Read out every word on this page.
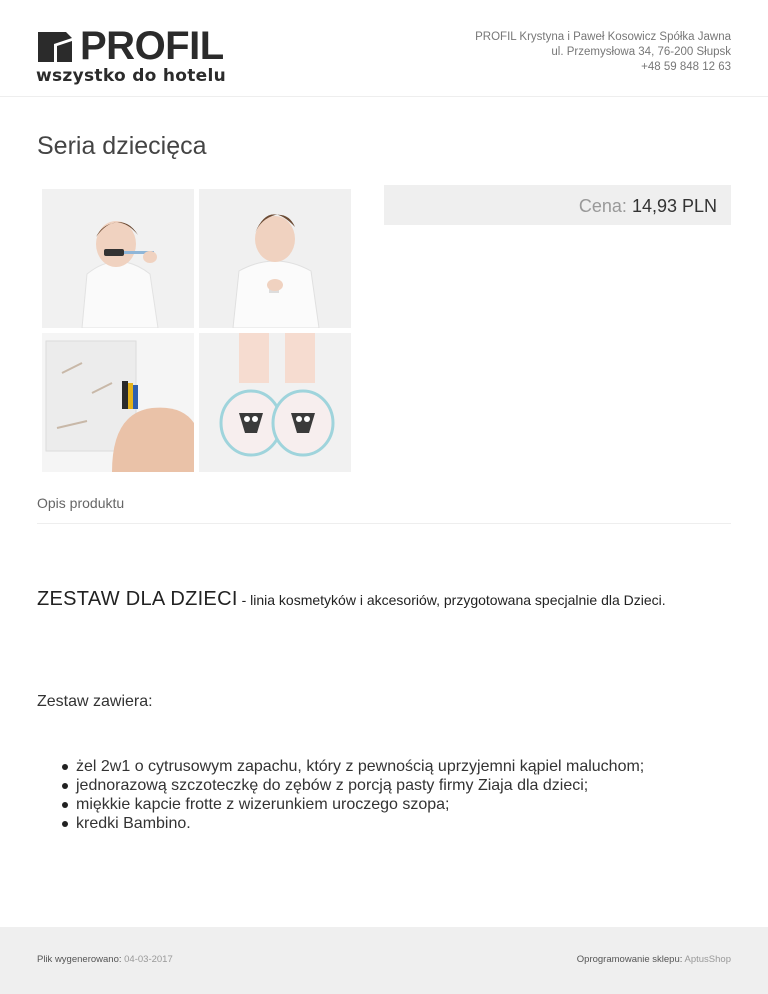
PROFIL
wszystko do hotelu
PROFIL Krystyna i Paweł Kosowicz Spółka Jawna
ul. Przemysłowa 34, 76-200 Słupsk
+48 59 848 12 63
Seria dziecięca
Cena: 14,93 PLN
Opis produktu
ZESTAW DLA DZIECI - linia kosmetyków i akcesoriów, przygotowana specjalnie dla Dzieci.
Zestaw zawiera:
żel 2w1 o cytrusowym zapachu, który z pewnością uprzyjemni kąpiel maluchom;
jednorazową szczoteczkę do zębów z porcją pasty firmy Ziaja dla dzieci;
miękkie kapcie frotte z wizerunkiem uroczego szopa;
kredki Bambino.
Plik wygenerowano: 04-03-2017	Oprogramowanie sklepu: AptusShop
